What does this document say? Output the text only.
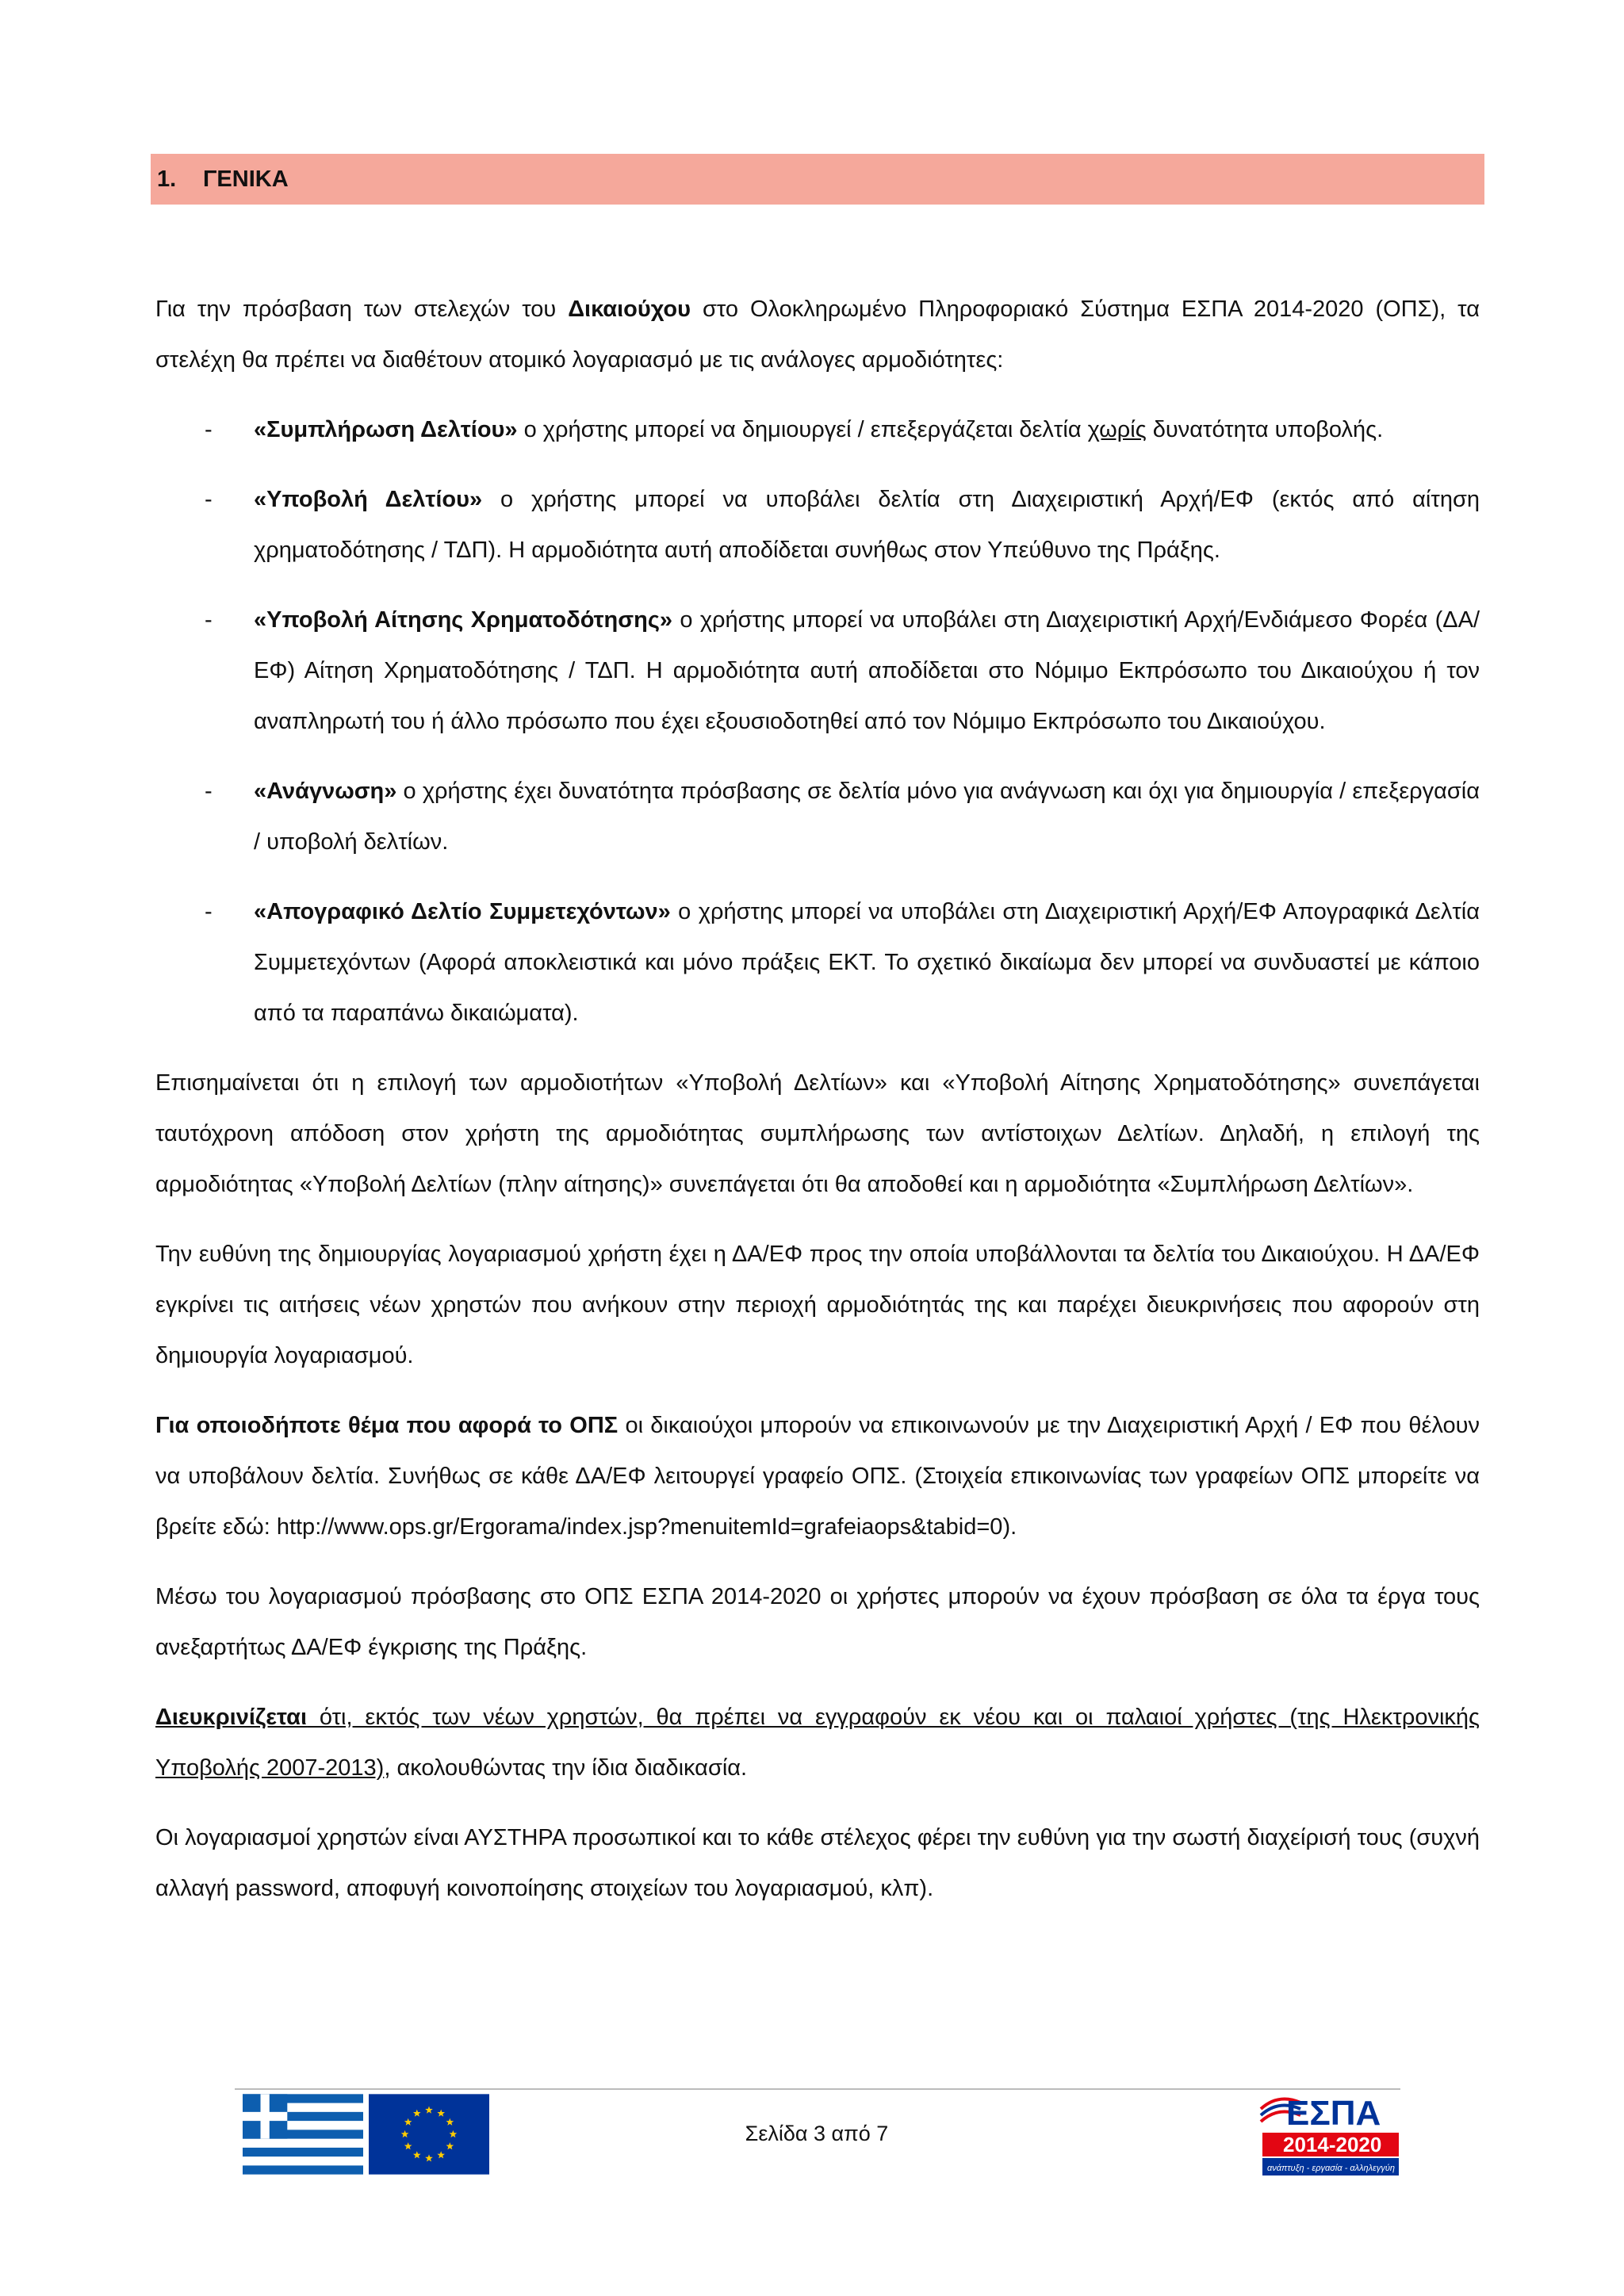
1.	ΓΕΝΙΚΑ

Για την πρόσβαση των στελεχών του Δικαιούχου στο Ολοκληρωμένο Πληροφοριακό Σύστημα ΕΣΠΑ 2014-2020 (ΟΠΣ), τα στελέχη θα πρέπει να διαθέτουν ατομικό λογαριασμό με τις ανάλογες αρμοδιότητες:

- «Συμπλήρωση Δελτίου» ο χρήστης μπορεί να δημιουργεί / επεξεργάζεται δελτία χωρίς δυνατότητα υποβολής.
- «Υποβολή Δελτίου» ο χρήστης μπορεί να υποβάλει δελτία στη Διαχειριστική Αρχή/ΕΦ (εκτός από αίτηση χρηματοδότησης / ΤΔΠ). Η αρμοδιότητα αυτή αποδίδεται συνήθως στον Υπεύθυνο της Πράξης.
- «Υποβολή Αίτησης Χρηματοδότησης» ο χρήστης μπορεί να υποβάλει στη Διαχειριστική Αρχή/Ενδιάμεσο Φορέα (ΔΑ/ΕΦ) Αίτηση Χρηματοδότησης / ΤΔΠ. Η αρμοδιότητα αυτή αποδίδεται στο Νόμιμο Εκπρόσωπο του Δικαιούχου ή τον αναπληρωτή του ή άλλο πρόσωπο που έχει εξουσιοδοτηθεί από τον Νόμιμο Εκπρόσωπο του Δικαιούχου.
- «Ανάγνωση» ο χρήστης έχει δυνατότητα πρόσβασης σε δελτία μόνο για ανάγνωση και όχι για δημιουργία / επεξεργασία / υποβολή δελτίων.
- «Απογραφικό Δελτίο Συμμετεχόντων» ο χρήστης μπορεί να υποβάλει στη Διαχειριστική Αρχή/ΕΦ Απογραφικά Δελτία Συμμετεχόντων (Αφορά αποκλειστικά και μόνο πράξεις ΕΚΤ. Το σχετικό δικαίωμα δεν μπορεί να συνδυαστεί με κάποιο από τα παραπάνω δικαιώματα).

Επισημαίνεται ότι η επιλογή των αρμοδιοτήτων «Υποβολή Δελτίων» και «Υποβολή Αίτησης Χρηματοδότησης» συνεπάγεται ταυτόχρονη απόδοση στον χρήστη της αρμοδιότητας συμπλήρωσης των αντίστοιχων Δελτίων. Δηλαδή, η επιλογή της αρμοδιότητας «Υποβολή Δελτίων (πλην αίτησης)» συνεπάγεται ότι θα αποδοθεί και η αρμοδιότητα «Συμπλήρωση Δελτίων».

Την ευθύνη της δημιουργίας λογαριασμού χρήστη έχει η ΔΑ/ΕΦ προς την οποία υποβάλλονται τα δελτία του Δικαιούχου. Η ΔΑ/ΕΦ εγκρίνει τις αιτήσεις νέων χρηστών που ανήκουν στην περιοχή αρμοδιότητάς της και παρέχει διευκρινήσεις που αφορούν στη δημιουργία λογαριασμού.

Για οποιοδήποτε θέμα που αφορά το ΟΠΣ οι δικαιούχοι μπορούν να επικοινωνούν με την Διαχειριστική Αρχή / ΕΦ που θέλουν να υποβάλουν δελτία. Συνήθως σε κάθε ΔΑ/ΕΦ λειτουργεί γραφείο ΟΠΣ. (Στοιχεία επικοινωνίας των γραφείων ΟΠΣ μπορείτε να βρείτε εδώ: http://www.ops.gr/Ergorama/index.jsp?menuitemId=grafeiaops&tabid=0).

Μέσω του λογαριασμού πρόσβασης στο ΟΠΣ ΕΣΠΑ 2014-2020 οι χρήστες μπορούν να έχουν πρόσβαση σε όλα τα έργα τους ανεξαρτήτως ΔΑ/ΕΦ έγκρισης της Πράξης.

Διευκρινίζεται ότι, εκτός των νέων χρηστών, θα πρέπει να εγγραφούν εκ νέου και οι παλαιοί χρήστες (της Ηλεκτρονικής Υποβολής 2007-2013), ακολουθώντας την ίδια διαδικασία.

Οι λογαριασμοί χρηστών είναι ΑΥΣΤΗΡΑ προσωπικοί και το κάθε στέλεχος φέρει την ευθύνη για την σωστή διαχείρισή τους (συχνή αλλαγή password, αποφυγή κοινοποίησης στοιχείων του λογαριασμού, κλπ).

Σελίδα 3 από 7
ΕΣΠΑ
2014-2020
ανάπτυξη - εργασία - αλληλεγγύη
